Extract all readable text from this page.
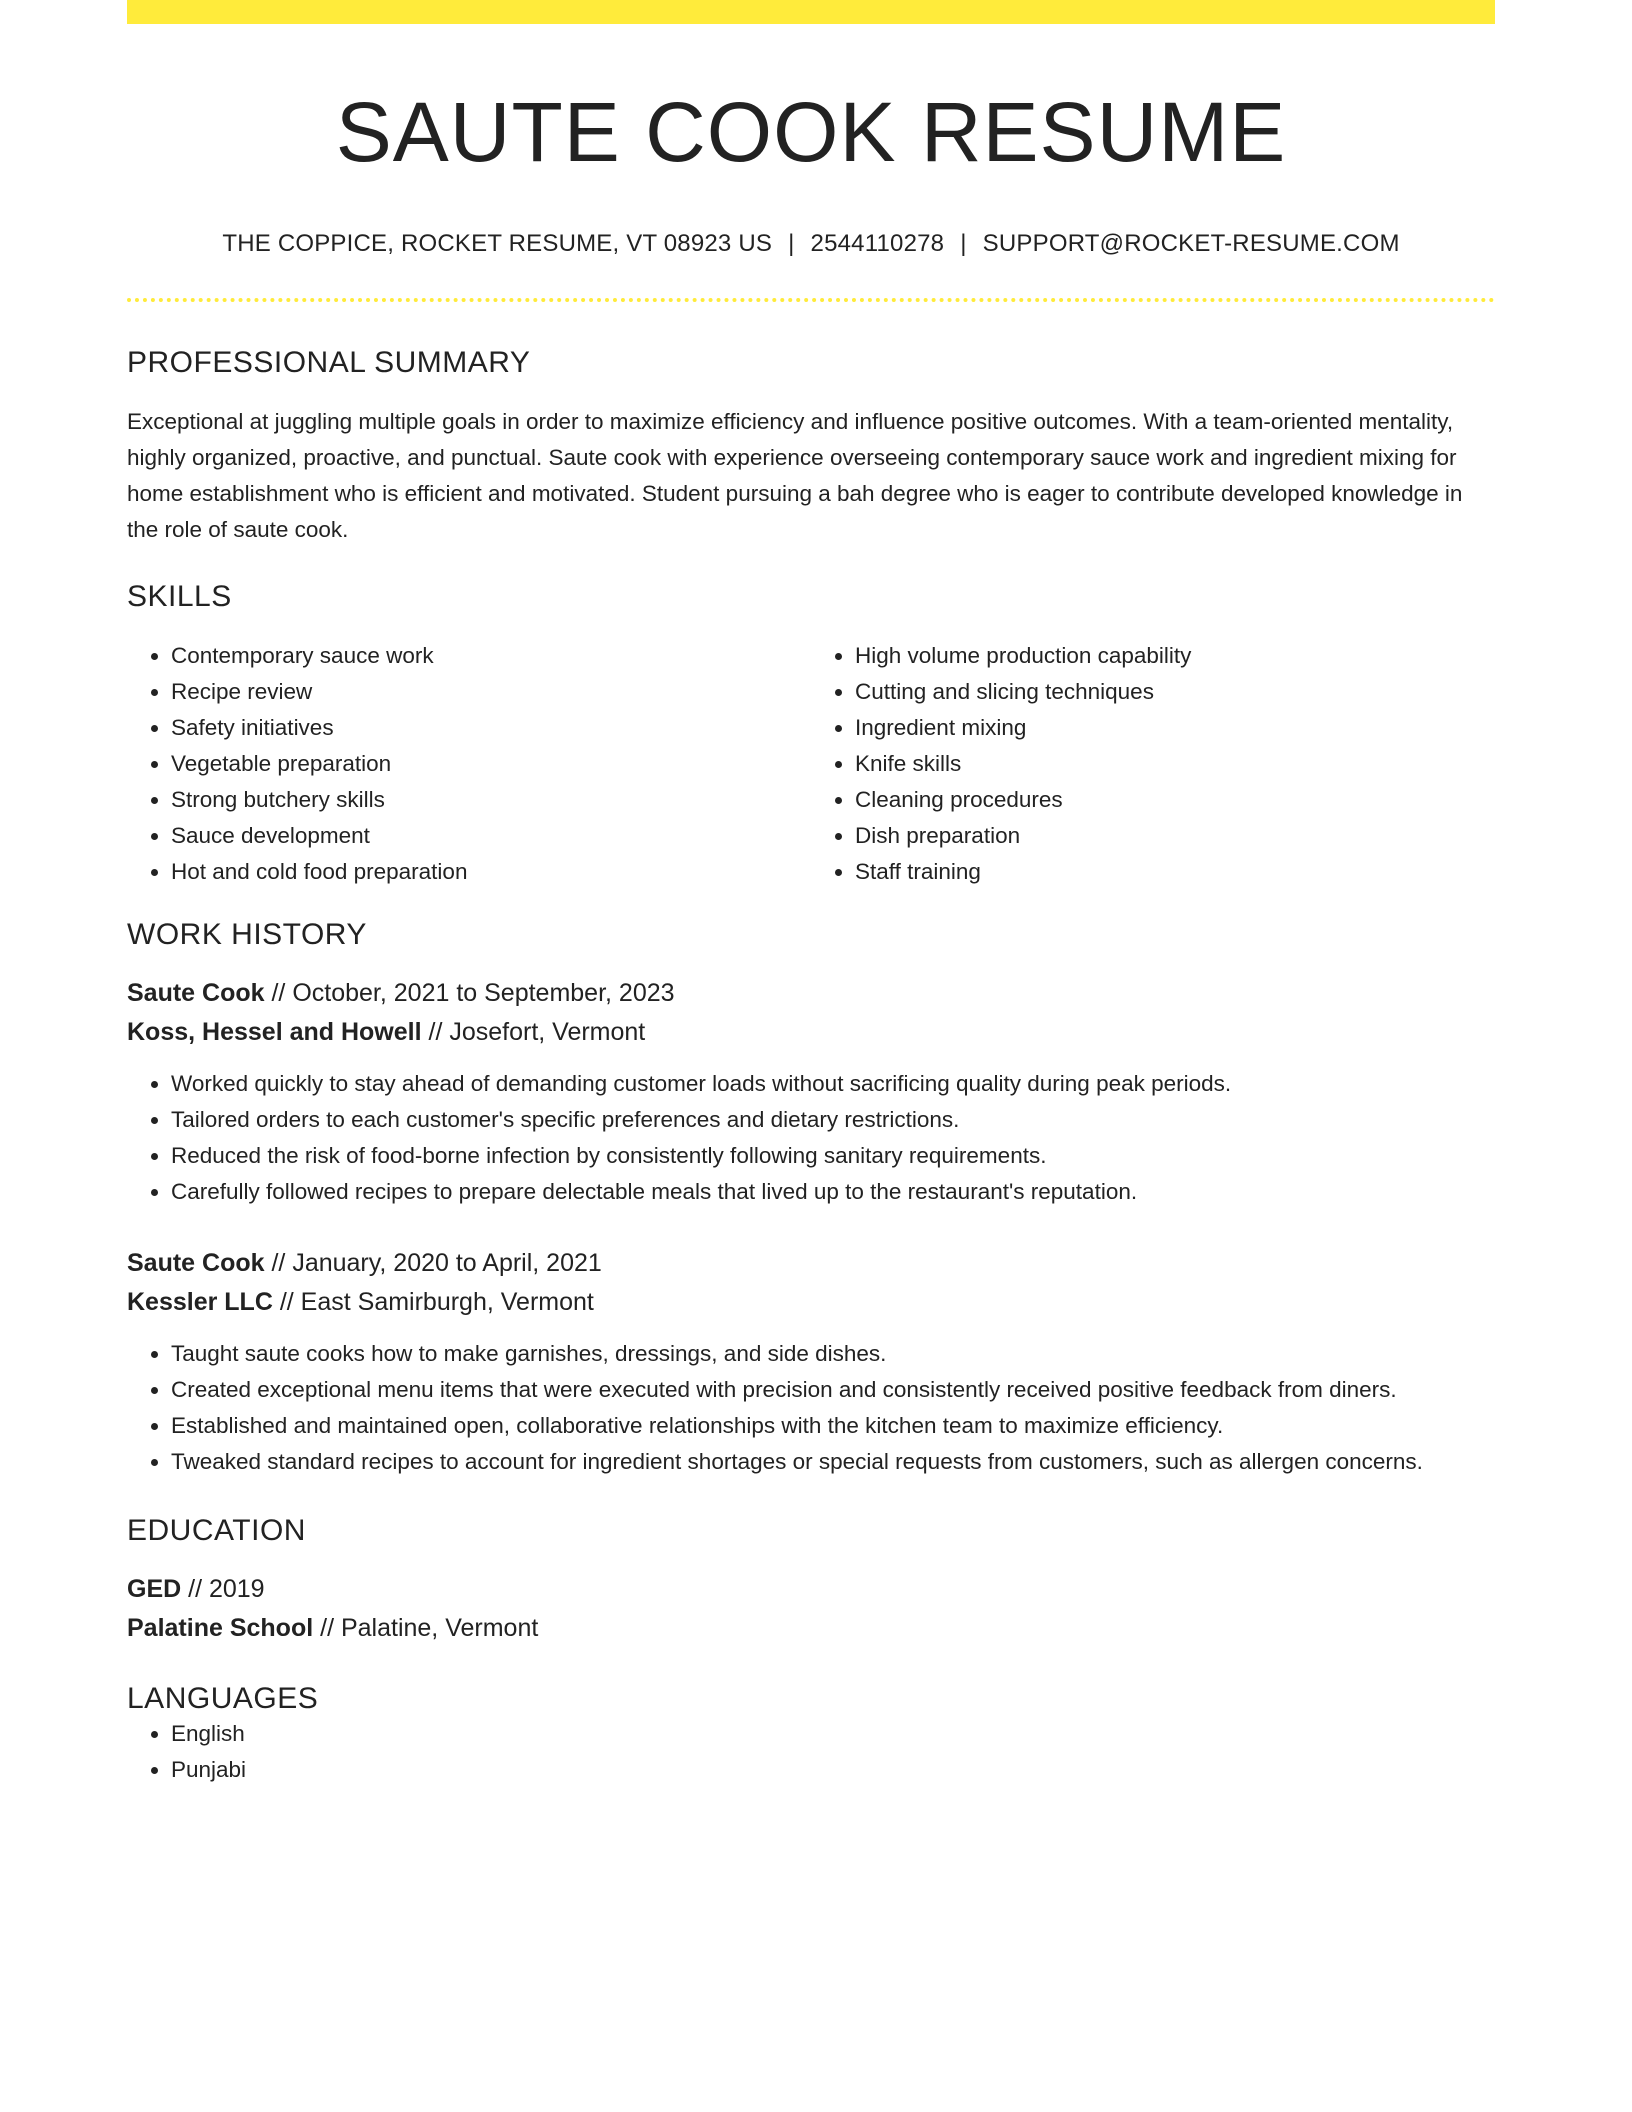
SAUTE COOK RESUME
THE COPPICE, ROCKET RESUME, VT 08923 US | 2544110278 | SUPPORT@ROCKET-RESUME.COM
PROFESSIONAL SUMMARY
Exceptional at juggling multiple goals in order to maximize efficiency and influence positive outcomes. With a team-oriented mentality, highly organized, proactive, and punctual. Saute cook with experience overseeing contemporary sauce work and ingredient mixing for home establishment who is efficient and motivated. Student pursuing a bah degree who is eager to contribute developed knowledge in the role of saute cook.
SKILLS
• Contemporary sauce work
• Recipe review
• Safety initiatives
• Vegetable preparation
• Strong butchery skills
• Sauce development
• Hot and cold food preparation
• High volume production capability
• Cutting and slicing techniques
• Ingredient mixing
• Knife skills
• Cleaning procedures
• Dish preparation
• Staff training
WORK HISTORY
Saute Cook // October, 2021 to September, 2023
Koss, Hessel and Howell // Josefort, Vermont
• Worked quickly to stay ahead of demanding customer loads without sacrificing quality during peak periods.
• Tailored orders to each customer's specific preferences and dietary restrictions.
• Reduced the risk of food-borne infection by consistently following sanitary requirements.
• Carefully followed recipes to prepare delectable meals that lived up to the restaurant's reputation.
Saute Cook // January, 2020 to April, 2021
Kessler LLC // East Samirburgh, Vermont
• Taught saute cooks how to make garnishes, dressings, and side dishes.
• Created exceptional menu items that were executed with precision and consistently received positive feedback from diners.
• Established and maintained open, collaborative relationships with the kitchen team to maximize efficiency.
• Tweaked standard recipes to account for ingredient shortages or special requests from customers, such as allergen concerns.
EDUCATION
GED // 2019
Palatine School // Palatine, Vermont
LANGUAGES
• English
• Punjabi
